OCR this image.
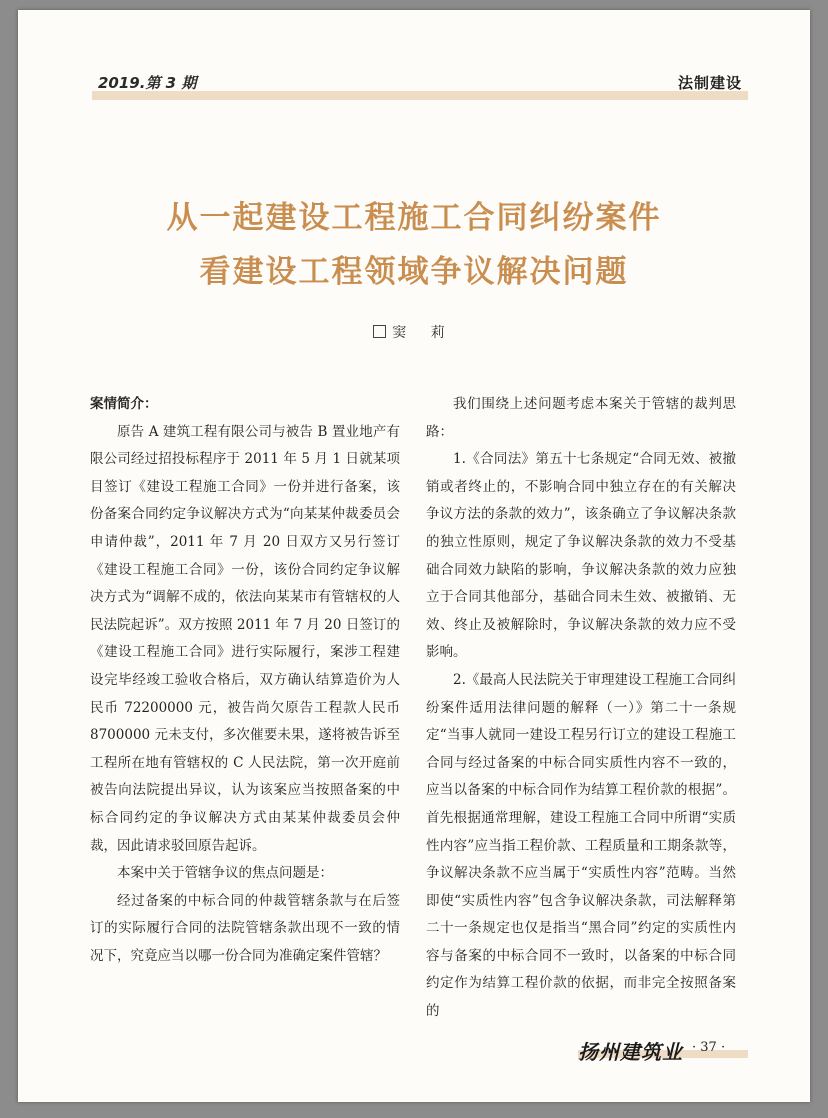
2019.第 3 期	法制建设
从一起建设工程施工合同纠纷案件
看建设工程领域争议解决问题
窦 莉

案情简介：

原告 A 建筑工程有限公司与被告 B 置业地产有限公司经过招投标程序于 2011 年 5 月 1 日就某项目签订《建设工程施工合同》一份并进行备案，该份备案合同约定争议解决方式为“向某某仲裁委员会申请仲裁”，2011 年 7 月 20 日双方又另行签订《建设工程施工合同》一份，该份合同约定争议解决方式为“调解不成的，依法向某某市有管辖权的人民法院起诉”。双方按照 2011 年 7 月 20 日签订的《建设工程施工合同》进行实际履行，案涉工程建设完毕经竣工验收合格后，双方确认结算造价为人民币 72200000 元，被告尚欠原告工程款人民币 8700000 元未支付，多次催要未果，遂将被告诉至工程所在地有管辖权的 C 人民法院，第一次开庭前被告向法院提出异议，认为该案应当按照备案的中标合同约定的争议解决方式由某某仲裁委员会仲裁，因此请求驳回原告起诉。

本案中关于管辖争议的焦点问题是：

经过备案的中标合同的仲裁管辖条款与在后签订的实际履行合同的法院管辖条款出现不一致的情况下，究竟应当以哪一份合同为准确定案件管辖？

我们围绕上述问题考虑本案关于管辖的裁判思路：

1.《合同法》第五十七条规定“合同无效、被撤销或者终止的，不影响合同中独立存在的有关解决争议方法的条款的效力”，该条确立了争议解决条款的独立性原则，规定了争议解决条款的效力不受基础合同效力缺陷的影响，争议解决条款的效力应独立于合同其他部分，基础合同未生效、被撤销、无效、终止及被解除时，争议解决条款的效力应不受影响。

2.《最高人民法院关于审理建设工程施工合同纠纷案件适用法律问题的解释（一）》第二十一条规定“当事人就同一建设工程另行订立的建设工程施工合同与经过备案的中标合同实质性内容不一致的，应当以备案的中标合同作为结算工程价款的根据”。首先根据通常理解，建设工程施工合同中所谓“实质性内容”应当指工程价款、工程质量和工期条款等，争议解决条款不应当属于“实质性内容”范畴。当然即使“实质性内容”包含争议解决条款，司法解释第二十一条规定也仅是指当“黑合同”约定的实质性内容与备案的中标合同不一致时，以备案的中标合同约定作为结算工程价款的依据，而非完全按照备案的

扬州建筑业 · 37 ·
